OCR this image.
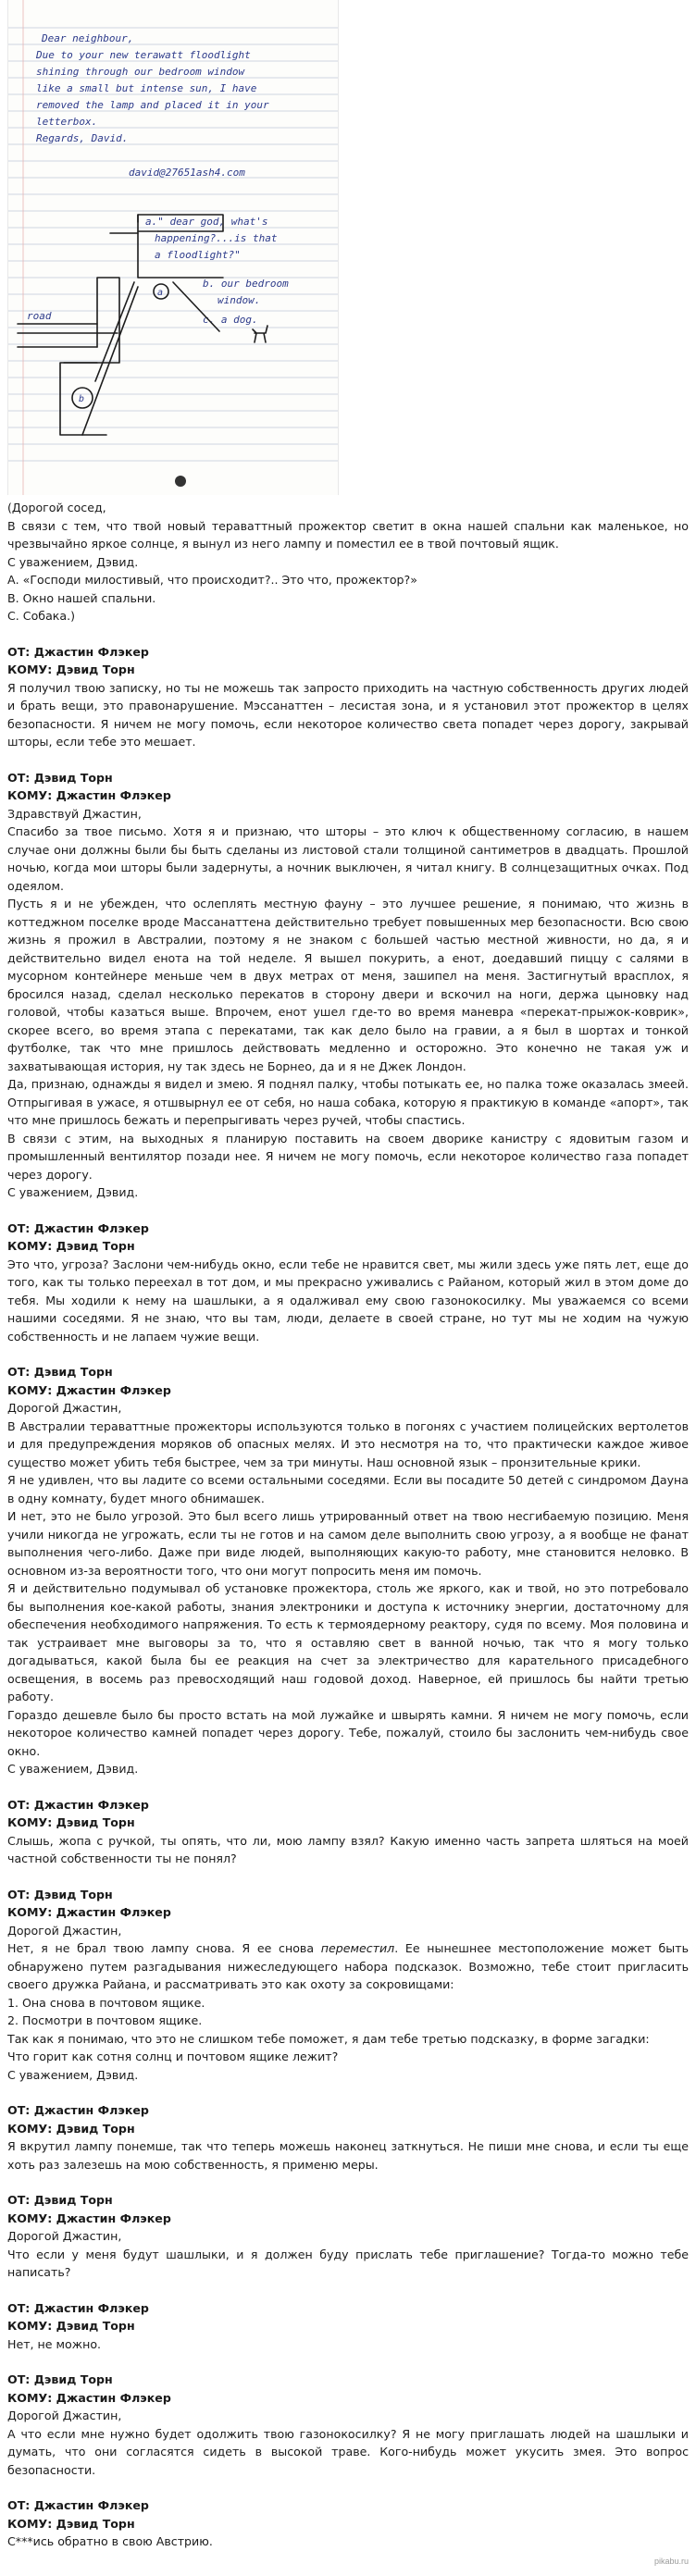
Dear neighbour,
Due to your new terawatt floodlight
shining through our bedroom window
like a small but intense sun, I have
removed the lamp and placed it in your
letterbox.
Regards, David.
david@27651ash4.com
a." dear god, what's
happening?...is that
a floodlight?"
b. our bedroom
window.
c. a dog.
road
a
b

(Дорогой сосед,

В связи с тем, что твой новый тераваттный прожектор светит в окна нашей спальни как маленькое, но чрезвычайно яркое солнце, я вынул из него лампу и поместил ее в твой почтовый ящик.

С уважением, Дэвид.

А. «Господи милостивый, что происходит?.. Это что, прожектор?»

В. Окно нашей спальни.

С. Собака.)

ОТ: Джастин Флэкер

КОМУ: Дэвид Торн

Я получил твою записку, но ты не можешь так запросто приходить на частную собственность других людей и брать вещи, это правонарушение. Мэссанаттен – лесистая зона, и я установил этот прожектор в целях безопасности. Я ничем не могу помочь, если некоторое количество света попадет через дорогу, закрывай шторы, если тебе это мешает.

ОТ: Дэвид Торн

КОМУ: Джастин Флэкер

Здравствуй Джастин,

Спасибо за твое письмо. Хотя я и признаю, что шторы – это ключ к общественному согласию, в нашем случае они должны были бы быть сделаны из листовой стали толщиной сантиметров в двадцать. Прошлой ночью, когда мои шторы были задернуты, а ночник выключен, я читал книгу. В солнцезащитных очках. Под одеялом.

Пусть я и не убежден, что ослеплять местную фауну – это лучшее решение, я понимаю, что жизнь в коттеджном поселке вроде Массанаттена действительно требует повышенных мер безопасности. Всю свою жизнь я прожил в Австралии, поэтому я не знаком с большей частью местной живности, но да, я и действительно видел енота на той неделе. Я вышел покурить, а енот, доедавший пиццу с салями в мусорном контейнере меньше чем в двух метрах от меня, зашипел на меня. Застигнутый врасплох, я бросился назад, сделал несколько перекатов в сторону двери и вскочил на ноги, держа цыновку над головой, чтобы казаться выше. Впрочем, енот ушел где-то во время маневра «перекат-прыжок-коврик», скорее всего, во время этапа с перекатами, так как дело было на гравии, а я был в шортах и тонкой футболке, так что мне пришлось действовать медленно и осторожно. Это конечно не такая уж и захватывающая история, ну так здесь не Борнео, да и я не Джек Лондон.

Да, признаю, однажды я видел и змею. Я поднял палку, чтобы потыкать ее, но палка тоже оказалась змеей. Отпрыгивая в ужасе, я отшвырнул ее от себя, но наша собака, которую я практикую в команде «апорт», так что мне пришлось бежать и перепрыгивать через ручей, чтобы спастись.

В связи с этим, на выходных я планирую поставить на своем дворике канистру с ядовитым газом и промышленный вентилятор позади нее. Я ничем не могу помочь, если некоторое количество газа попадет через дорогу.

С уважением, Дэвид.

ОТ: Джастин Флэкер

КОМУ: Дэвид Торн

Это что, угроза? Заслони чем-нибудь окно, если тебе не нравится свет, мы жили здесь уже пять лет, еще до того, как ты только переехал в тот дом, и мы прекрасно уживались с Райаном, который жил в этом доме до тебя. Мы ходили к нему на шашлыки, а я одалживал ему свою газонокосилку. Мы уважаемся со всеми нашими соседями. Я не знаю, что вы там, люди, делаете в своей стране, но тут мы не ходим на чужую собственность и не лапаем чужие вещи.

ОТ: Дэвид Торн

КОМУ: Джастин Флэкер

Дорогой Джастин,

В Австралии тераваттные прожекторы используются только в погонях с участием полицейских вертолетов и для предупреждения моряков об опасных мелях. И это несмотря на то, что практически каждое живое существо может убить тебя быстрее, чем за три минуты. Наш основной язык – пронзительные крики.

Я не удивлен, что вы ладите со всеми остальными соседями. Если вы посадите 50 детей с синдромом Дауна в одну комнату, будет много обнимашек.

И нет, это не было угрозой. Это был всего лишь утрированный ответ на твою несгибаемую позицию. Меня учили никогда не угрожать, если ты не готов и на самом деле выполнить свою угрозу, а я вообще не фанат выполнения чего-либо. Даже при виде людей, выполняющих какую-то работу, мне становится неловко. В основном из-за вероятности того, что они могут попросить меня им помочь.

Я и действительно подумывал об установке прожектора, столь же яркого, как и твой, но это потребовало бы выполнения кое-какой работы, знания электроники и доступа к источнику энергии, достаточному для обеспечения необходимого напряжения. То есть к термоядерному реактору, судя по всему. Моя половина и так устраивает мне выговоры за то, что я оставляю свет в ванной ночью, так что я могу только догадываться, какой была бы ее реакция на счет за электричество для карательного присадебного освещения, в восемь раз превосходящий наш годовой доход. Наверное, ей пришлось бы найти третью работу.

Гораздо дешевле было бы просто встать на мой лужайке и швырять камни. Я ничем не могу помочь, если некоторое количество камней попадет через дорогу. Тебе, пожалуй, стоило бы заслонить чем-нибудь свое окно.

С уважением, Дэвид.

ОТ: Джастин Флэкер

КОМУ: Дэвид Торн

Слышь, жопа с ручкой, ты опять, что ли, мою лампу взял? Какую именно часть запрета шляться на моей частной собственности ты не понял?

ОТ: Дэвид Торн

КОМУ: Джастин Флэкер

Дорогой Джастин,

Нет, я не брал твою лампу снова. Я ее снова переместил. Ее нынешнее местоположение может быть обнаружено путем разгадывания нижеследующего набора подсказок. Возможно, тебе стоит пригласить своего дружка Райана, и рассматривать это как охоту за сокровищами:

1. Она снова в почтовом ящике.

2. Посмотри в почтовом ящике.

Так как я понимаю, что это не слишком тебе поможет, я дам тебе третью подсказку, в форме загадки:

Что горит как сотня солнц и почтовом ящике лежит?

С уважением, Дэвид.

ОТ: Джастин Флэкер

КОМУ: Дэвид Торн

Я вкрутил лампу понемше, так что теперь можешь наконец заткнуться. Не пиши мне снова, и если ты еще хоть раз залезешь на мою собственность, я применю меры.

ОТ: Дэвид Торн

КОМУ: Джастин Флэкер

Дорогой Джастин,

Что если у меня будут шашлыки, и я должен буду прислать тебе приглашение? Тогда-то можно тебе написать?

ОТ: Джастин Флэкер

КОМУ: Дэвид Торн

Нет, не можно.

ОТ: Дэвид Торн

КОМУ: Джастин Флэкер

Дорогой Джастин,

А что если мне нужно будет одолжить твою газонокосилку? Я не могу приглашать людей на шашлыки и думать, что они согласятся сидеть в высокой траве. Кого-нибудь может укусить змея. Это вопрос безопасности.

ОТ: Джастин Флэкер

КОМУ: Дэвид Торн

С***ись обратно в свою Австрию.

pikabu.ru
